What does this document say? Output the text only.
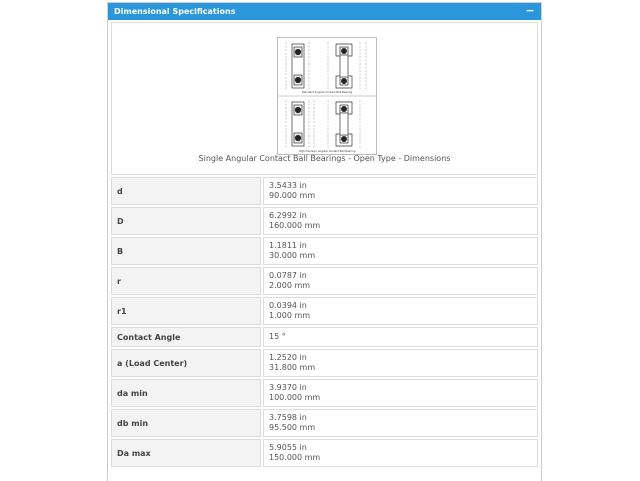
Dimensional Specifications	−
Standard Angular Contact Ball Bearing
High Precision Angular Contact Ball Bearing
Single Angular Contact Ball Bearings - Open Type - Dimensions
d	3.5433 in
90.000 mm

D	6.2992 in
160.000 mm

B	1.1811 in
30.000 mm

r	0.0787 in
2.000 mm

r1	0.0394 in
1.000 mm

Contact Angle	15 °

a (Load Center)	1.2520 in
31.800 mm

da min	3.9370 in
100.000 mm

db min	3.7598 in
95.500 mm

Da max	5.9055 in
150.000 mm
